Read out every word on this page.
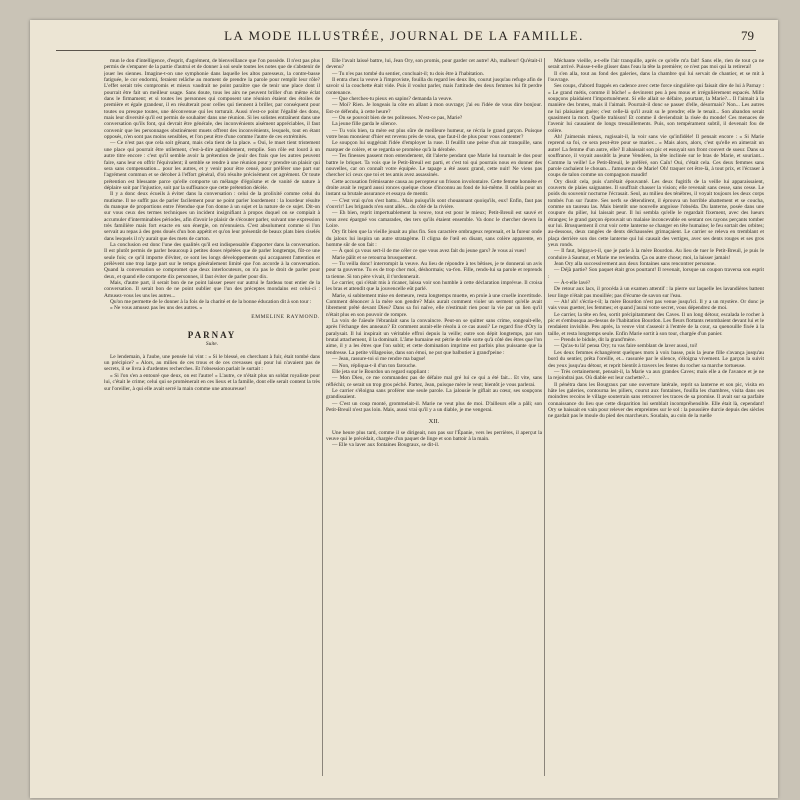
LA MODE ILLUSTRÉE, JOURNAL DE LA FAMILLE.	79

mun le don d'intelligence, d'esprit, d'agrément, de bienveillance que l'on possède. Il n'est pas plus permis de s'emparer de la partie d'autrui et de donner à soi seule toutes les notes que de s'abstenir de jouer les siennes. Imagine-t-on une symphonie dans laquelle les altos paresseux, la contre-basse fatiguée, le cor endormi, feraient relâche au moment de prendre la parole pour remplir leur rôle? L'effet serait très compromis et mieux vaudrait ne point paraître que de tenir une place dont il pourrait être fait un meilleur usage. Sans doute, tous les airs ne peuvent briller d'un même éclat dans le firmament; et si toutes les personnes qui composent une réunion étaient des étoiles de première et égale grandeur, il en résulterait pour celles qui tiennent à briller, par conséquent pour toutes ou presque toutes, une déconvenue qui les torturait. Aussi n'est-ce point l'égalité des dons, mais leur diversité qu'il est permis de souhaiter dans une réunion. Si les solistes entraînent dans une conversation qu'ils font, qui devrait être générale, des inconvénients aisément appréciables, il faut convenir que les personnages obstinément muets offrent des inconvénients, lesquels, tout en étant opposés, n'en sont pas moins sensibles, et l'on peut être d'une comme l'autre de ces extrémités.

— Ce n'est pas que cela soit gênant, mais cela tient de la place. « Oui, le muet tient tristement une place qui pourrait être utilement, c'est-à-dire agréablement, remplie. Son rôle est lourd à un autre titre encore : c'est qu'il semble avoir la prétention de jouir des frais que les autres peuvent faire, sans leur en offrir l'équivalent; il semble se rendre à une réunion pour y prendre un plaisir qui sera sans compensation... pour les autres, et y venir pour être censé, pour préférer une part sur l'agrément commun et se dérober à l'effort général, d'où résulte précisément cet agrément. Or toute prétention est blessante parce qu'elle comporte un mélange d'égoïsme et de vanité de nature à déplaire soit par l'injustice, soit par la suffisance que cette prétention décèle.

Il y a donc deux écueils à éviter dans la conversation : celui de la prolixité comme celui du mutisme. Il ne suffit pas de parler facilement pour ne point parler lourdement : la lourdeur résulte du manque de proportions entre l'étendue que l'on donne à un sujet et la nature de ce sujet. Dit-on sur vous ceux des termes techniques un incident insignifiant à propos duquel on se compiait à accumuler d'interminables périodes, afin d'avoir le plaisir de s'écouter parler, suivant une expression très familière mais fort exacte en son énergie, on m'ennuiera. C'est absolument comme si l'on servait au repas à des gens doués d'un bon appétit et qu'on leur présentât de beaux plats bien ciselés dans lesquels il n'y aurait que des mets de carton.

La conclusion est donc l'une des qualités qu'il est indispensable d'apporter dans la conversation. Il est plutôt permis de parler beaucoup à petites doses répétées que de parler longtemps, fût-ce une seule fois; ce qu'il importe d'éviter, ce sont les longs développements qui accaparent l'attention et prélèvent une trop large part sur le temps généralement limité que l'on accorde à la conversation. Quand la conversation se compromet que deux interlocuteurs, on n'a pas le droit de parler pour deux, et quand elle comporte dix personnes, il faut éviter de parler pour dix.

Mais, d'autre part, il serait bon de ne point laisser peser sur autrui le fardeau tout entier de la conversation. Il serait bon de ne point oublier que l'un des préceptes mondains est celui-ci : Amusez-vous les uns les autres...

Qu'on me permette de le donner à la fois de la charité et de la bonne éducation dit à son tour :

« Ne vous amusez pas les uns des autres. »

EMMELINE RAYMOND.
PARNAY
Suite.

Le lendemain, à l'aube, une pensée lui vint : « Si le blessé, en cherchant à fuir, était tombé dans un précipice? » Alors, au milieu de ces trous et de ces crevasses qui pour lui n'avaient pas de secrets, il se livra à d'ardentes recherches. Et l'obsession parlait le surtait :

« Si l'on s'en a entouré que deux, on est l'autre! » L'autre, ce n'était plus un soldat royaliste pour lui, c'était le crime; celui qui se promènerait en ces lieux et la famille, dont elle serait content la très sur l'oreiller, à qui elle avait serré la main comme une amoureuse!

Elle l'avait laissé battre, lui, Jean Ory, son promis, pour garder cet autre! Ah, malheur! Qu'était-il devenu?

— Tu n'es pas tombé du sentier, concluait-il; tu dois être à l'habitation.

Il entra chez la veuve à l'improviste, fouilla du regard les deux lits, courut jusqu'au refuge afin de savoir si la couchette était vide. Puis il voulut parler, mais l'attitude des deux femmes lui fit perdre contenance.

— Que cherches-tu pieux en sapins? demanda la veuve.

— Moi? Rien. Je longeais la côte en allant à mon ouvrage; j'ai eu l'idée de vous dire bonjour. Est-ce défendu, à cette heure?

— On se pouvoit bien de tes politesses. N'est-ce pas, Marie?

La jeune fille garda le silence.

— Tu vois bien, ta mère est plus sûre de meilleure humeur, se récria le grand garçon. Puisque votre beau monsieur d'hier est revenu près de vous, que faut-il de plus pour vous contenter?

Le soupçon lui suggérait l'idée d'employer la ruse. Il feuillit une peine d'un air tranquille, sans marquer de colère, et se regarda se promène qu'à la dérobée.

— Tes finesses passent mon entendement, dit l'alerte pendant que Marie lui tournait le dos pour battre le briquet. Ta vois que le Petit-Breuil est parti, et c'est toi qui pourrais nous en donner des nouvelles, car on connaît votre équipée. Le tapage a été assez grand, cette nuit! Ne viens pas chercher ici ceux que toi et tes amis avez assassinés.

Cette accusation frémissante causa au percepteur un frisson involontaire. Cette femme honnête et droite avait le regard aussi ronces quelque chose d'inconnu au fond de lui-même. Il oublia pour un instant sa brutale assurance et essaya de mentir.

— C'est vrai qu'on s'est battu... Mais puisqu'ils sont chouannant quoiqu'ils, eux! Enfin, faut pas s'ouvrir! Les brigands n'en sont allés... du côté de la rivière.

— Eh bien, reprit impertuablement la veuve, tout est pour le mieux; Petit-Breuil est sauvé et vous avez épargné vos camarades, des ters qu'ils étaient ensemble. Va donc le chercher devers la Loire.

Ory fit bien que la vieille jouait au plus fin. Son caractère ombrageux reprenait, et la fureur onde du jaloux lui inspira un autre stratagème. Il cligna de l'œil en disant, sans colère apparente, en homme sûr de son fait :

— À quoi ça vous sert-il de me céler ce que vous avez fait du jeune gars? Je vous ai vues!

Marie pâlit et se retourna brusquement.

— Tu veilla donc! interrompit la veuve. Au lieu de répondre à tes bêtises, je te donnerai un avis pour ta gouverne. Tu es de trop cher moi, déshormais; va-t'en. Fille, rends-lui sa parole et reprends ta tienne. Si ton père vivait, il t'ordonnerait.

Le carrier, qui s'était mis à ricaner, laissa voir son humble à cette déclaration imprévue. Il croisa les bras et attendit que la jouvencelle eût parlé.

Marie, si subitement mise en demeure, resta longtemps muette, en proie à une cruelle incertitude. Comment dénoncer à la mère son gendre? Mais aurait comment violer un serment qu'elle avait librement prêté devant Dieu? Dans sa foi naïve, elle n'estimait rien pour la vie par un lien qu'il n'était plus en son pouvoir de rompre.

La voix de l'aïeule l'ébranlait sans la convaincre. Peut-on se quitter sans crime, songeait-elle, après l'échange des anneaux? Et comment aurait-elle résolu à ce cas aussi? Le regard fixe d'Ory la paralysait. Il lui inspirait un véritable effroi depuis la veille; outre son dépit longtemps, par son brutal attachement, il la dominait. L'âme humaine est pétrie de telle sorte qu'à côté des êtres que l'on aime, il y a les êtres que l'on subit; et cette domination imprime est parfois plus puissante que la tendresse. La petite villageoise, dans son émoi, ne put que balbutier à grand'peine :

— Jean, rassure-toi si me rendre ma bague!

— Non, répliqua-t-il d'un ton farouche.

Elle jeta sur le Bourdon un regard suppliant :

— Mon Dieu, ce me commandez pas de défaire mal gré lui ce qui a été fait... Et vite, sans réfléchir, ce serait un trop gros péché. Partez, Jean, puisque mère le veut; bientôt je vous parlerai.

Le carrier s'éloigna sans proférer une seule parole. La jalousie le giflait au cœur, ses soupçons grandissaient.

— C'est un coup monté, grommelait-il. Marie ne veut plus de moi. D'ailleurs elle a pâli; son Petit-Breuil n'est pas loin. Mais, aussi vrai qu'il y a un diable, je me vengerai.

XII.

Une heure plus tard, comme il se dirigeait, non pas sur l'Épanie, vers les perrières, il aperçut la veuve qui le précédait, chargée d'un paquet de linge et son battoir à la main.

— Elle va laver aux fontaines Bougraux, se dit-il.

Méchante vieille, a-t-elle l'air tranquille, après ce qu'elle m'a fait! Sans elle, rien de tout ça ne serait arrivé. Puisse-t-elle glisser dans l'eau la tête la première; ce n'est pas moi qui la retirerai!

Il s'en alla, tout au fond des galeries, dans la chambre qui lui servait de chantier, et se mit à l'ouvrage.

Ses coups, d'abord frappés en cadence avec cette force singulière qui faisait dire de lui à Parnay : « Le grand métis, comme il bûche! » devinrent peu à peu mous et irrégulièrement espacés. Mille soupçons plaidaient l'importunément. Si elle allait se défaire, pourtant, la Marie?... Il l'aimait à la manière des brutes, mais il l'aimait. Pourrait-il donc se passer d'elle, désormais? Non... Les autres ne lui plaisaient guère; c'est celle-là qu'il avait su le prendre; elle le tenait... Son abandon serait quasiment la mort. Quelle trahison! Et comme il deviendrait la risée du monde! Ces menaces de l'avenir lui causaient de longs tressaillements. Puis, son tempérament subtil, il devenait fou de colère.

Ah! j'aimerais mieux, rugissait-il, la voir sans vie qu'infidèle! Il pensait encore : « Si Marie reprend sa foi, ce sera peut-être pour se marier... » Mais alors, alors, c'est qu'elle en aimerait un autre! La femme d'un autre, elle? Il abaissait son pic et essuyait son front couvert de sueur. Dans sa souffrance, il voyait aussitôt la jeune Vendéen, la tête inclinée sur le bras de Marie, et souriant... Comme la veille! Le Petit-Breuil, le préféré, son Caïn! Oui, c'était cela. Ces deux femmes sans parole cachaient le chouan... l'amoureux de Marie! Oh! traquer cet être-là, à tout prix, et l'écraser à coups de talon comme un compagnon maudit!

Ory dissit cela, puis s'arrêtait épouvanté. Les deux fugitifs de la veille lui apparaissaient, couverts de plaies saignantes. Il souffrait chasser la vision; elle revenait sans cesse, sans cesse. Le poids du souvenir nocturne l'écrasait. Seul, au milieu des ténèbres, il voyait toujours les deux corps tombés l'un sur l'autre. Ses nerfs se détendirent, il éprouva un horrible abattement et se coucha, comme un taureau las. Mais bientôt une nouvelle angoisse l'obséda. Du lanterne, posée dans une coupure du pilier, lui laissait peur. Il lui sembla qu'elle le regardait fixement, avec des lueurs étranges; le grand garçon éprouvait un malaise inconcevable en sentant ces rayons perçants tomber sur lui. Brusquement il crut voir cette lanterne se changer en tête humaine; le feu sortait des orbites; au-dessous, deux rangées de dents déchaussées grimaçaient. Le carrier se releva en tremblant et plaça derrière son dos cette lanterne qui lui causait des vertiges, avec ses dents rouges et ses gros yeux ronds.

— Il faut, bégaya-t-il, que je parle à la mère Bourdon. Au lieu de tuer le Petit-Breuil, je puis le conduire à Saumur, et Marie me reviendra. Ça ou autre chose; moi, la laisser jamais!

Jean Ory alla successivement aux deux fontaines sans rencontrer personne.

— Déjà partie? Son paquet était gros pourtant! Il revenait, lorsque un coupon traversa son esprit :

— À-t-elle lavé?

De retour aux lacs, il procéda à un examen attentif : la pierre sur laquelle les lavandières battent leur linge n'était pas mouillée; pas d'écume de savon sur l'eau.

— Ah! ah! s'écria-t-il; la mère Bourdon n'est pas venue jusqu'ici. Il y a un mystère. Or donc je vais vous guetter, les femmes; et quand j'aurai votre secret, vous dépendrez de moi.

Le carrier, la tête en feu, sortit précipitamment des Caves. Il un long détour, escalada le rocher à pic et s'embusqua au-dessus de l'habitation Bourdon. Les fleurs flottants retombaient devant lui et le rendaient invisible. Peu après, la veuve vint s'asseoir à l'entrée de la cour, sa quenouille fixée à la taille, et resta longtemps seule. Enfin Marie sortit à son tour, chargée d'un panier.

— Prends le bidule, dit la grand'mère.

— Qu'as-tu là! pensa Ory; tu vas faire semblant de laver aussi, toi!

Les deux femmes échangèrent quelques mots à voix basse, puis la jeune fille s'avança jusqu'au bord du sentier, prêta l'oreille, et... rassurée par le silence, s'éloigna vivement. Le garçon la suivit des yeux jusqu'au détour, et reprit bientôt à travers les fentes du rocher sa marche tortueuse.

— Très certainement, pensait-il, la Marie va aux grandes Caves; mais elle a de l'avance et je ne la rejoindrai pas. Où diable est leur cachette?...

Il pénétra dans les Bougraux par une ouverture latérale, reprit sa lanterne et son pic, visita en hâte les galeries, contourna les piliers, courut aux fontaines, fouilla les chambres, visita dans ses moindres recoins le village souterrain sans retrouver les traces de sa promise. Il avait sur sa parfaite connaissance du lieu que cette disparition lui semblait incompréhensible. Elle était là, cependant! Ory se baissait en vain pour relever des empreintes sur le sol : la poussière durcie depuis des siècles ne gardait pas le moule du pied des marcheurs. Soudain, au coin de la ruelle
